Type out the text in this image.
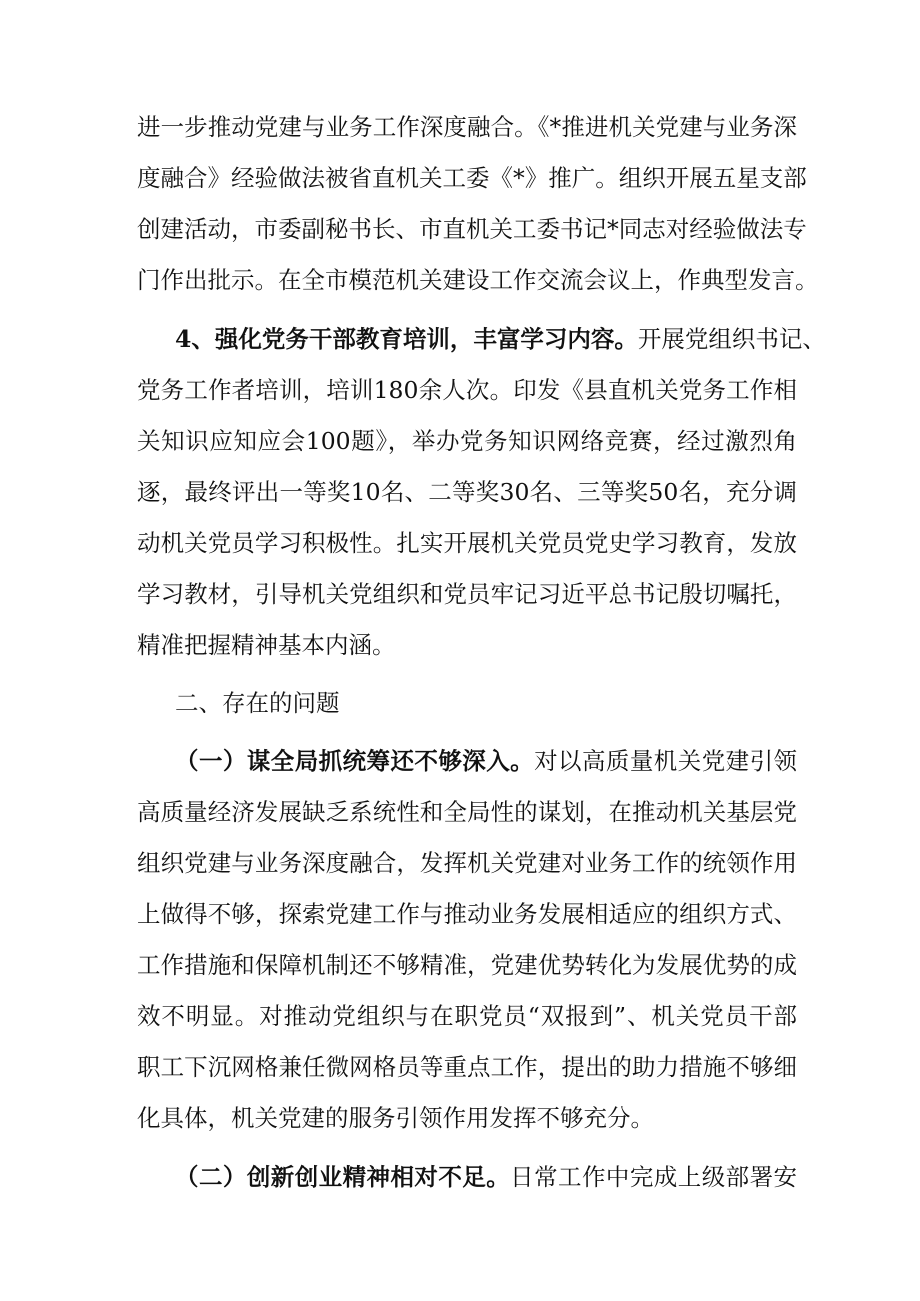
进一步推动党建与业务工作深度融合。《*推进机关党建与业务深
度融合》经验做法被省直机关工委《*》推广。组织开展五星支部
创建活动，市委副秘书长、市直机关工委书记*同志对经验做法专
门作出批示。在全市模范机关建设工作交流会议上，作典型发言。
4、强化党务干部教育培训，丰富学习内容。开展党组织书记、
党务工作者培训，培训180余人次。印发《县直机关党务工作相
关知识应知应会100题》，举办党务知识网络竞赛，经过激烈角
逐，最终评出一等奖10名、二等奖30名、三等奖50名，充分调
动机关党员学习积极性。扎实开展机关党员党史学习教育，发放
学习教材，引导机关党组织和党员牢记习近平总书记殷切嘱托，
精准把握精神基本内涵。
二、存在的问题
（一）谋全局抓统筹还不够深入。对以高质量机关党建引领
高质量经济发展缺乏系统性和全局性的谋划，在推动机关基层党
组织党建与业务深度融合，发挥机关党建对业务工作的统领作用
上做得不够，探索党建工作与推动业务发展相适应的组织方式、
工作措施和保障机制还不够精准，党建优势转化为发展优势的成
效不明显。对推动党组织与在职党员“双报到”、机关党员干部
职工下沉网格兼任微网格员等重点工作，提出的助力措施不够细
化具体，机关党建的服务引领作用发挥不够充分。
（二）创新创业精神相对不足。日常工作中完成上级部署安
